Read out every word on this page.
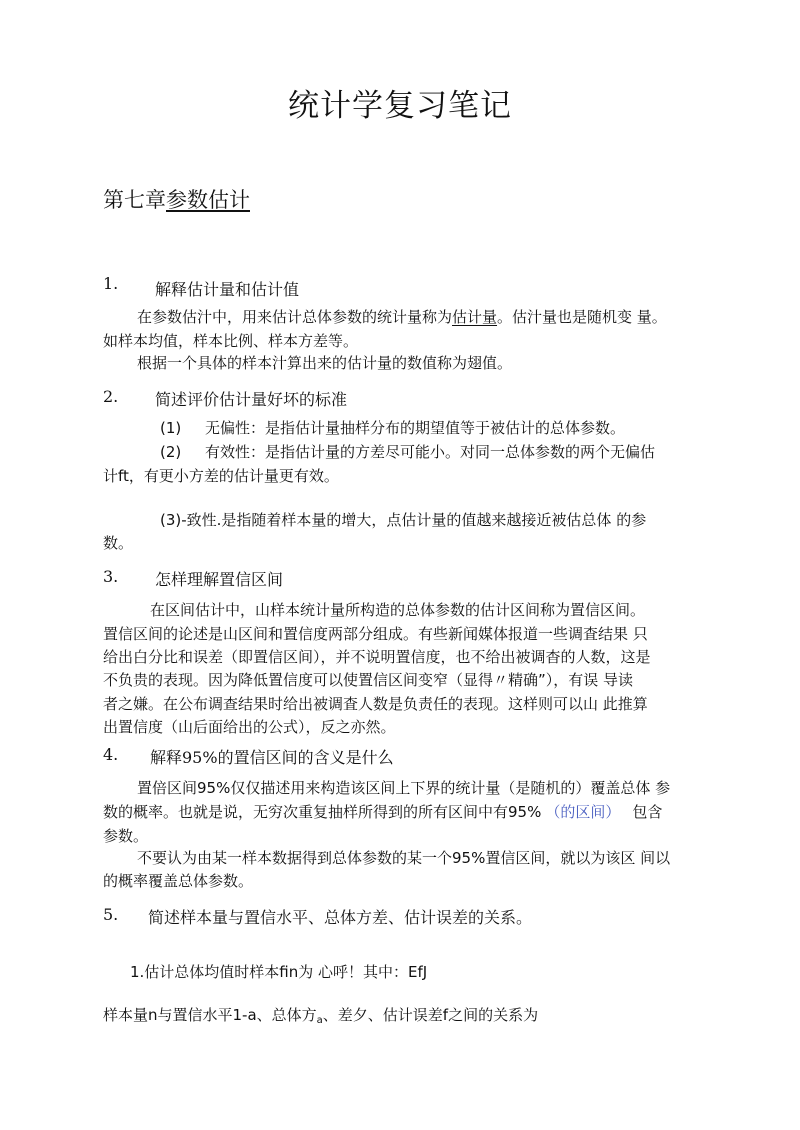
统计学复习笔记
第七章参数估计
1. 解释估计量和估计值
在参数估汁中，用来估计总体参数的统计量称为估计量。估汁量也是随机变 量。
如样本均值，样本比例、样本方差等。
根据一个具体的样本汁算出来的估计量的数值称为翅值。
2. 简述评价估计量好坏的标准
(1) 无偏性：是指估计量抽样分布的期望值等于被估计的总体参数。
(2) 有效性：是指估计量的方差尽可能小。对同一总体参数的两个无偏估
计ft，有更小方差的估计量更有效。
(3)-致性.是指随着样本量的增大，点估计量的值越来越接近被估总体 的参
数。
3. 怎样理解置信区间
在区间估计中，山样本统计量所构造的总体参数的估计区间称为置信区间。
置信区间的论述是山区间和置信度两部分组成。有些新闻媒体报道一些调査结果 只
给出白分比和误差（即置信区间），并不说明置信度，也不给出被调杳的人数，这是
不负贵的表现。因为降低置信度可以使置信区间变窄（显得〃精确”），有误 导读
者之嫌。在公布调查结果时给出被调査人数是负责任的表现。这样则可以山 此推算
出置信度（山后面给出的公式），反之亦然。
4. 解释95%的置信区间的含义是什么
置倍区间95%仅仅描述用来构造该区间上下界的统计量（是随机的）覆盖总体 参
数的概率。也就是说，无穷次重复抽样所得到的所有区间中有95% （的区间） 包含
参数。
不要认为由某一样本数据得到总体参数的某一个95%置信区间，就以为该区 间以
的概率覆盖总体参数。
5. 简述样本量与置信水平、总体方差、估计误差的关系。
1.估计总体均值时样本fin为 心呼！其中：EfJ
样本量n与置信水平1-a、总体方$_a$、差夕、估计误差f之间的关系为
